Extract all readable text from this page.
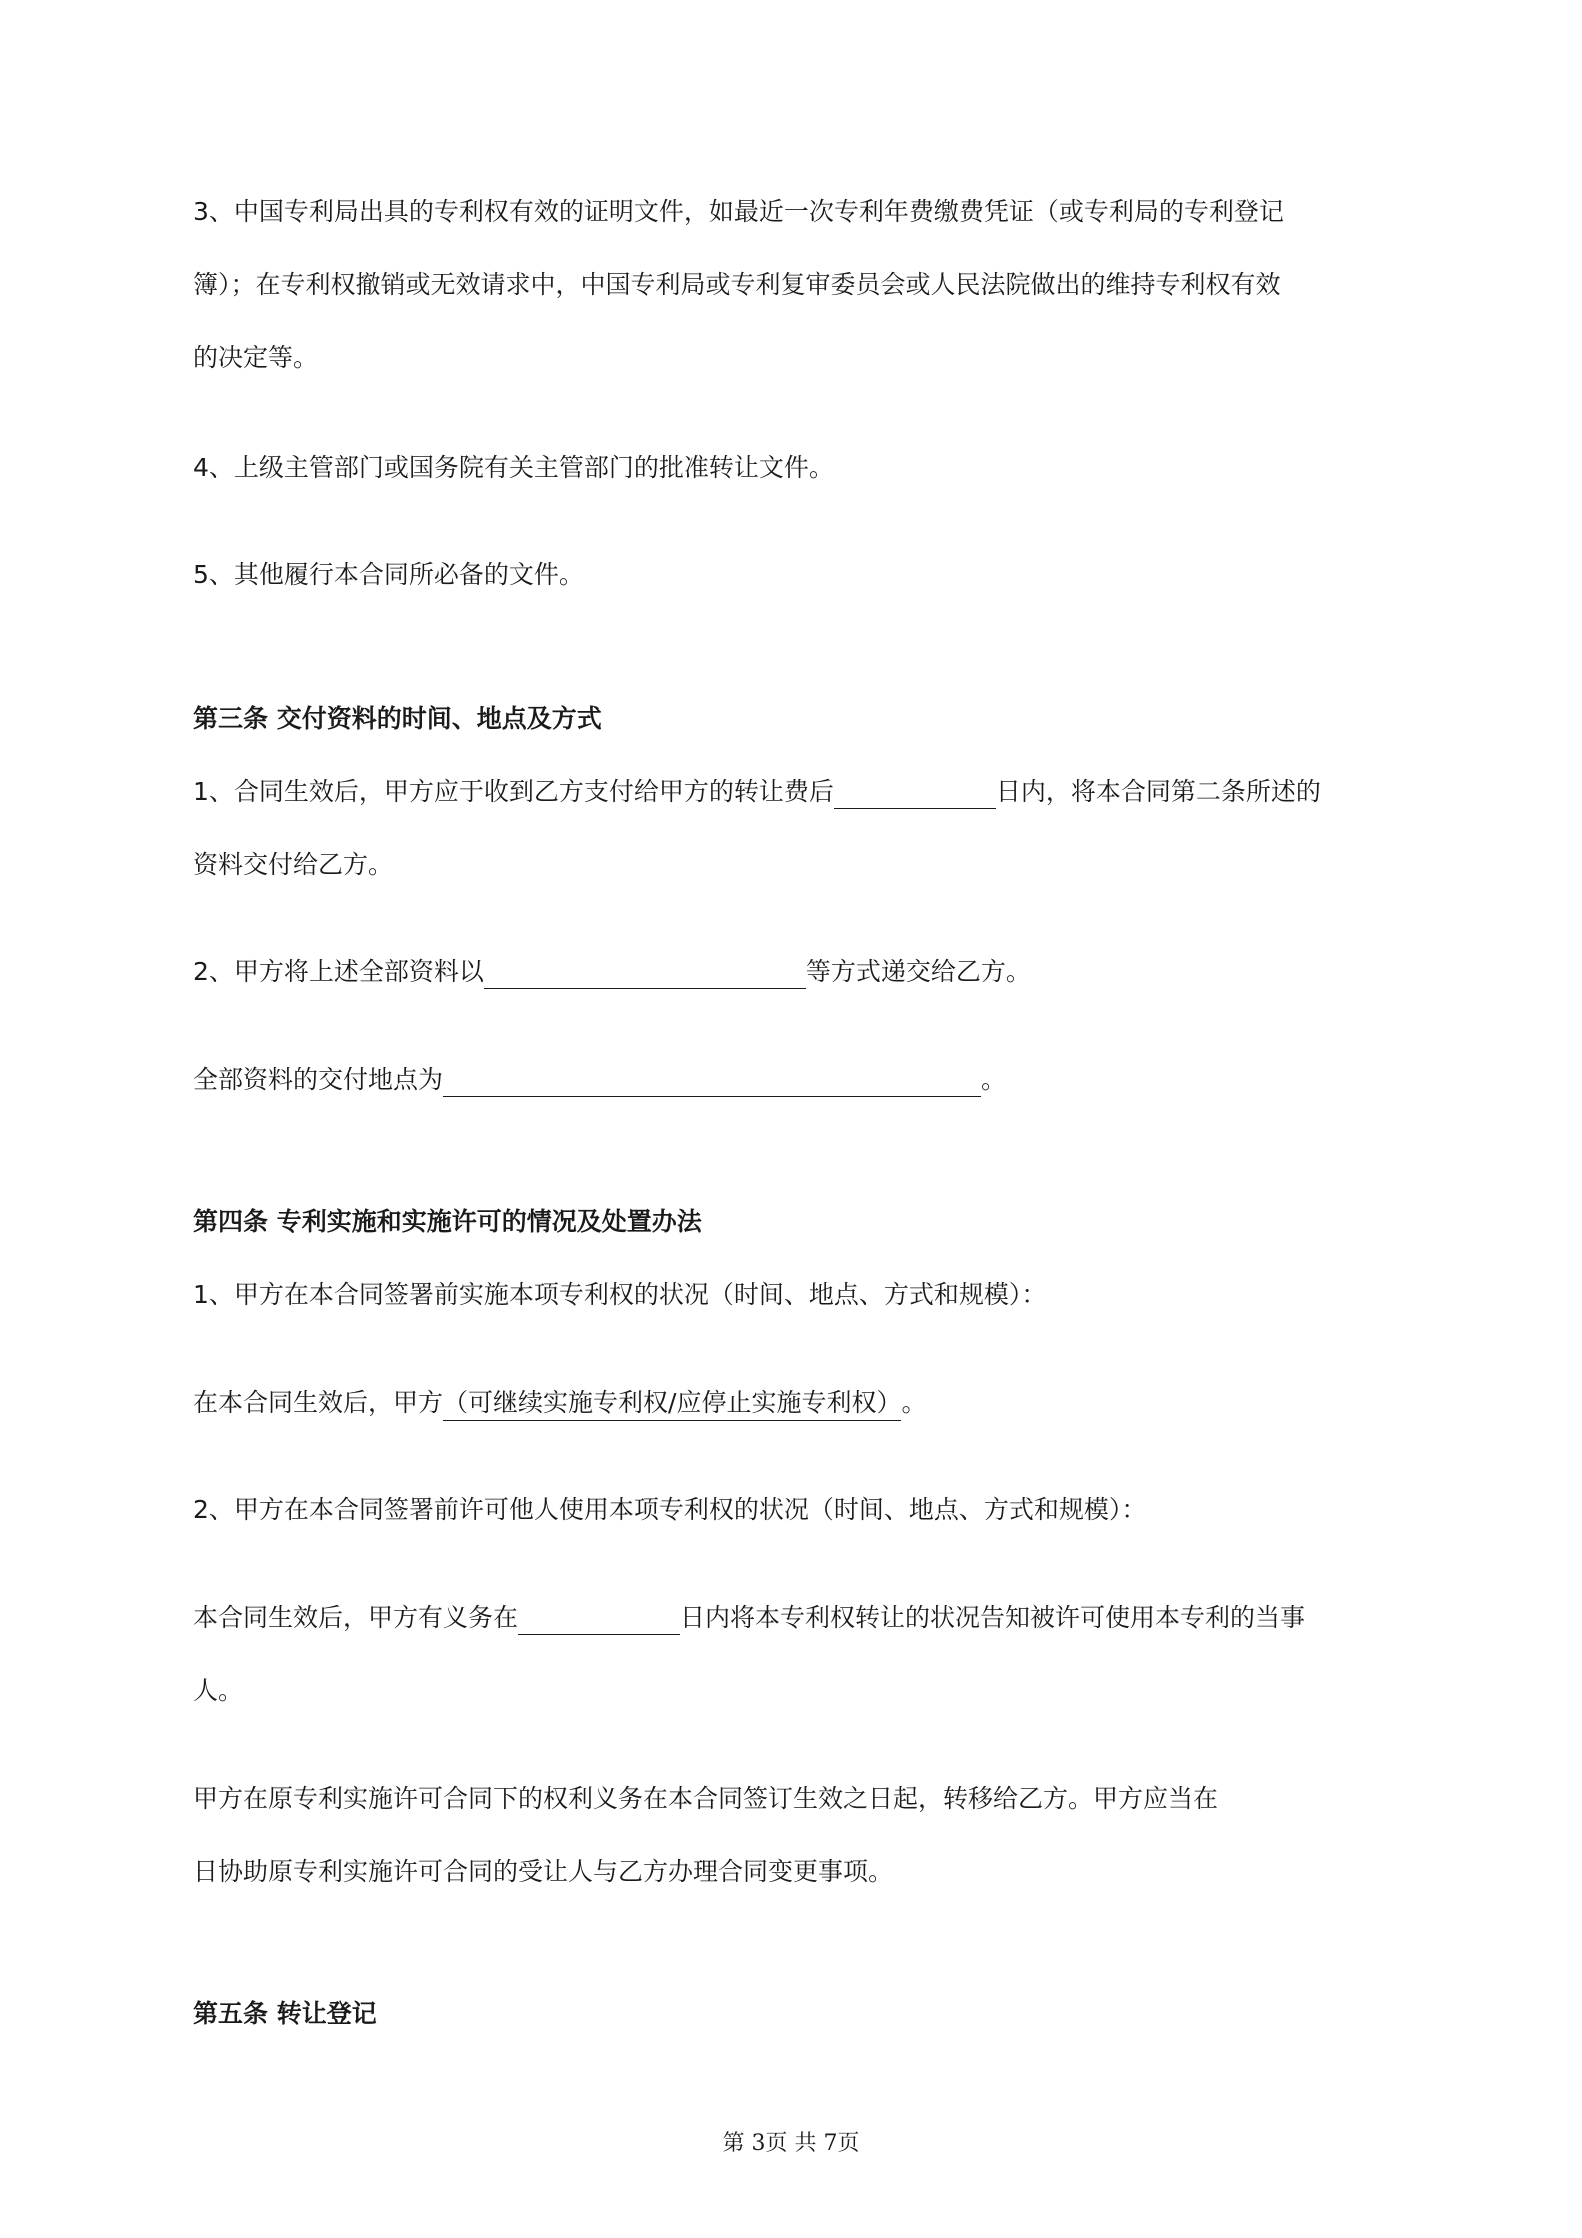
3、中国专利局出具的专利权有效的证明文件，如最近一次专利年费缴费凭证（或专利局的专利登记

簿）；在专利权撤销或无效请求中，中国专利局或专利复审委员会或人民法院做出的维持专利权有效

的决定等。

4、上级主管部门或国务院有关主管部门的批准转让文件。

5、其他履行本合同所必备的文件。

第三条 交付资料的时间、地点及方式

1、合同生效后，甲方应于收到乙方支付给甲方的转让费后	日内，将本合同第二条所述的

资料交付给乙方。

2、甲方将上述全部资料以	等方式递交给乙方。

全部资料的交付地点为	。

第四条 专利实施和实施许可的情况及处置办法

1、甲方在本合同签署前实施本项专利权的状况（时间、地点、方式和规模）：

在本合同生效后，甲方（可继续实施专利权/应停止实施专利权）。

2、甲方在本合同签署前许可他人使用本项专利权的状况（时间、地点、方式和规模）：

本合同生效后，甲方有义务在	日内将本专利权转让的状况告知被许可使用本专利的当事

人。

甲方在原专利实施许可合同下的权利义务在本合同签订生效之日起，转移给乙方。甲方应当在

日协助原专利实施许可合同的受让人与乙方办理合同变更事项。

第五条 转让登记

第 3页 共 7页
